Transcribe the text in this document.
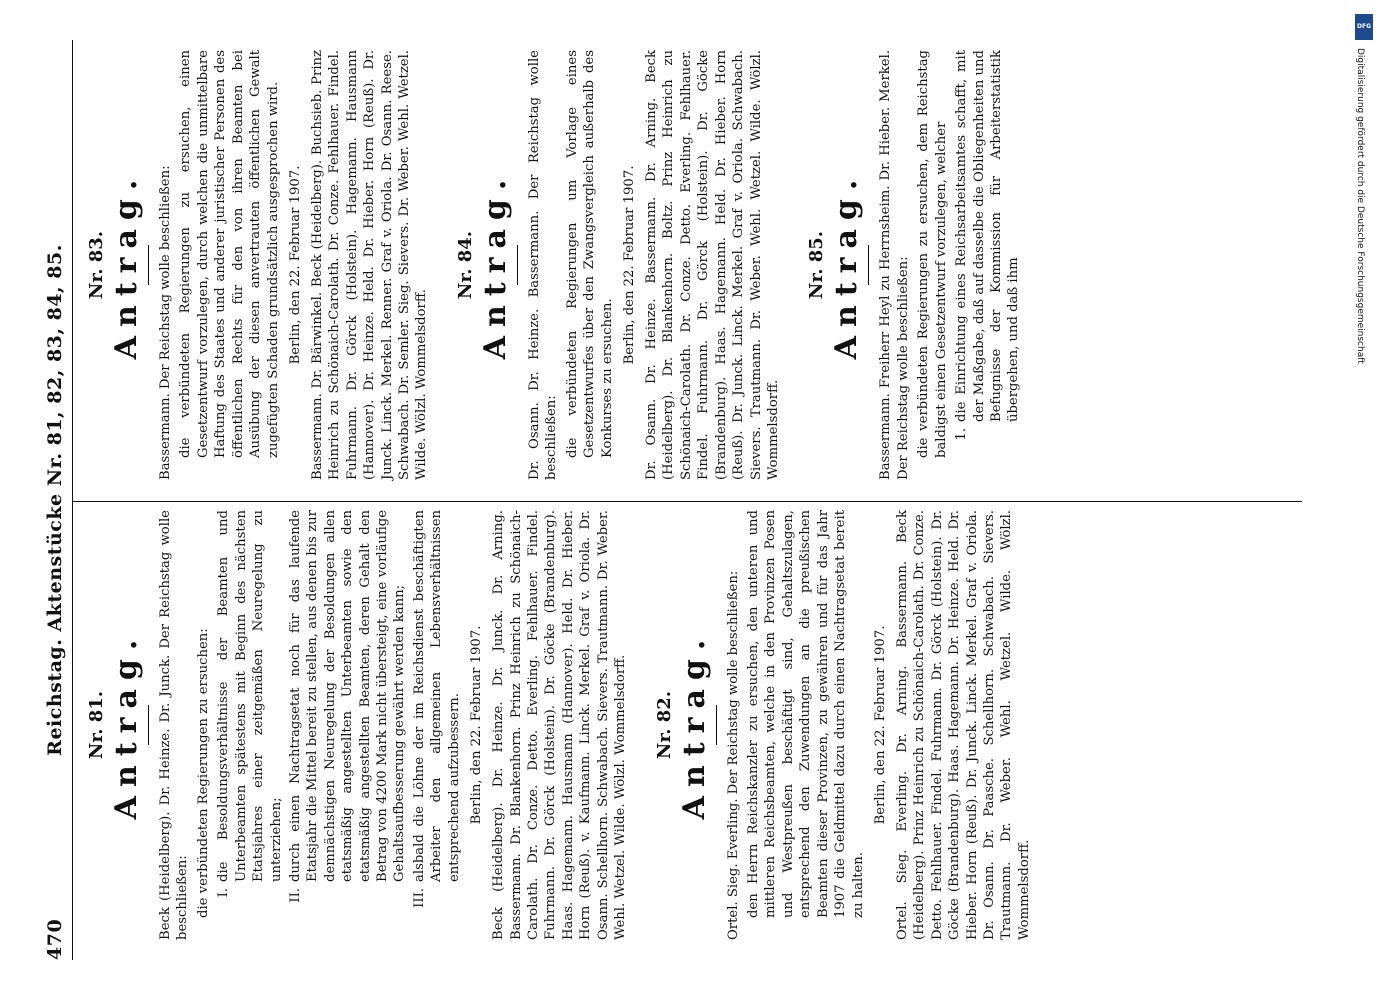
470
Reichstag. Aktenstücke Nr. 81, 82, 83, 84, 85. Nr. 81. Antrag. Beck (Heidelberg). Dr. Heinze. Dr. Junck. Der Reichstag wolle beschließen: die verbündeten Regierungen zu ersuchen: I.
die Besoldungsverhältnisse der Beamten und Unterbeamten spätestens mit Beginn des nächsten Etatsjahres einer zeitgemäßen Neuregelung zu unterziehen;
II.
durch einen Nachtragsetat noch für das laufende Etatsjahr die Mittel bereit zu stellen, aus denen bis zur demnächstigen Neuregelung der Besoldungen allen etatsmäßig angestellten Unterbeamten sowie den etatsmäßig angestellten Beamten, deren Gehalt den Betrag von 4200 Mark nicht übersteigt, eine vorläufige Gehaltsaufbesserung gewährt werden kann;
III.
alsbald die Löhne der im Reichsdienst beschäftigten Arbeiter den allgemeinen Lebensverhältnissen entsprechend aufzubessern. Berlin, den 22. Februar 1907. Beck (Heidelberg). Dr. Heinze. Dr. Junck. Dr. Arning. Bassermann. Dr. Blankenhorn. Prinz Heinrich zu Schönaich-Carolath. Dr. Conze. Detto. Everling. Fehlhauer. Findel. Fuhrmann. Dr. Görck (Holstein). Dr. Göcke (Brandenburg). Haas. Hagemann. Hausmann (Hannover). Held. Dr. Hieber. Horn (Reuß). v. Kaufmann. Linck. Merkel. Graf v. Oriola. Dr. Osann. Schellhorn. Schwabach. Sievers. Trautmann. Dr. Weber. Wehl. Wetzel. Wilde. Wölzl. Wommelsdorff. Nr. 82. Antrag. Ortel. Sieg. Everling. Der Reichstag wolle beschließen: den Herrn Reichskanzler zu ersuchen, den unteren und mittleren Reichsbeamten, welche in den Provinzen Posen und Westpreußen beschäftigt sind, Gehaltszulagen, entsprechend den Zuwendungen an die preußischen Beamten dieser Provinzen, zu gewähren und für das Jahr 1907 die Geldmittel dazu durch einen Nachtragsetat bereit zu halten.

Berlin, den 22. Februar 1907. Ortel. Sieg. Everling. Dr. Arning. Bassermann. Beck (Heidelberg). Prinz Heinrich zu Schönaich-Carolath. Dr. Conze. Detto. Fehlhauer. Findel. Fuhrmann. Dr. Görck (Holstein). Dr. Göcke (Brandenburg). Haas. Hagemann. Dr. Heinze. Held. Dr. Hieber. Horn (Reuß). Dr. Junck. Linck. Merkel. Graf v. Oriola. Dr. Osann. Dr. Paasche. Schellhorn. Schwabach. Sievers. Trautmann. Dr. Weber. Wehl. Wetzel. Wilde. Wölzl. Wommelsdorff.
Nr. 83. Antrag. Bassermann. Der Reichstag wolle beschließen: die verbündeten Regierungen zu ersuchen, einen Gesetzentwurf vorzulegen, durch welchen die unmittelbare Haftung des Staates und anderer juristischer Personen des öffentlichen Rechts für den von ihren Beamten bei Ausübung der diesen anvertrauten öffentlichen Gewalt zugefügten Schaden grundsätzlich ausgesprochen wird. Berlin, den 22. Februar 1907. Bassermann. Dr. Bärwinkel. Beck (Heidelberg). Buchsieb. Prinz Heinrich zu Schönaich-Carolath. Dr. Conze. Fehlhauer. Findel. Fuhrmann. Dr. Görck (Holstein). Hagemann. Hausmann (Hannover). Dr. Heinze. Held. Dr. Hieber. Horn (Reuß). Dr. Junck. Linck. Merkel. Renner. Graf v. Oriola. Dr. Osann. Reese. Schwabach. Dr. Semler. Sieg. Sievers. Dr. Weber. Wehl. Wetzel. Wilde. Wölzl. Wommelsdorff.
Nr. 84. Antrag. Dr. Osann. Dr. Heinze. Bassermann. Der Reichstag wolle beschließen: die verbündeten Regierungen um Vorlage eines Gesetzentwurfes über den Zwangsvergleich außerhalb des Konkurses zu ersuchen.

Berlin, den 22. Februar 1907. Dr. Osann. Dr. Heinze. Bassermann. Dr. Arning. Beck (Heidelberg). Dr. Blankenhorn. Boltz. Prinz Heinrich zu Schönaich-Carolath. Dr. Conze. Detto. Everling. Fehlhauer. Findel. Fuhrmann. Dr. Görck (Holstein). Dr. Göcke (Brandenburg). Haas. Hagemann. Held. Dr. Hieber. Horn (Reuß). Dr. Junck. Linck. Merkel. Graf v. Oriola. Schwabach. Sievers. Trautmann. Dr. Weber. Wehl. Wetzel. Wilde. Wölzl. Wommelsdorff.
Nr. 85. Antrag. Bassermann. Freiherr Heyl zu Herrnsheim. Dr. Hieber. Merkel. Der Reichstag wolle beschließen: die verbündeten Regierungen zu ersuchen, dem Reichstag baldigst einen Gesetzentwurf vorzulegen, welcher 1.
die Einrichtung eines Reichsarbeitsamtes schafft, mit der Maßgabe, daß auf dasselbe die Obliegenheiten und Befugnisse der Kommission für Arbeiterstatistik übergehen, und daß ihm
DFG
Digitalisierung gefördert durch die Deutsche Forschungsgemeinschaft
